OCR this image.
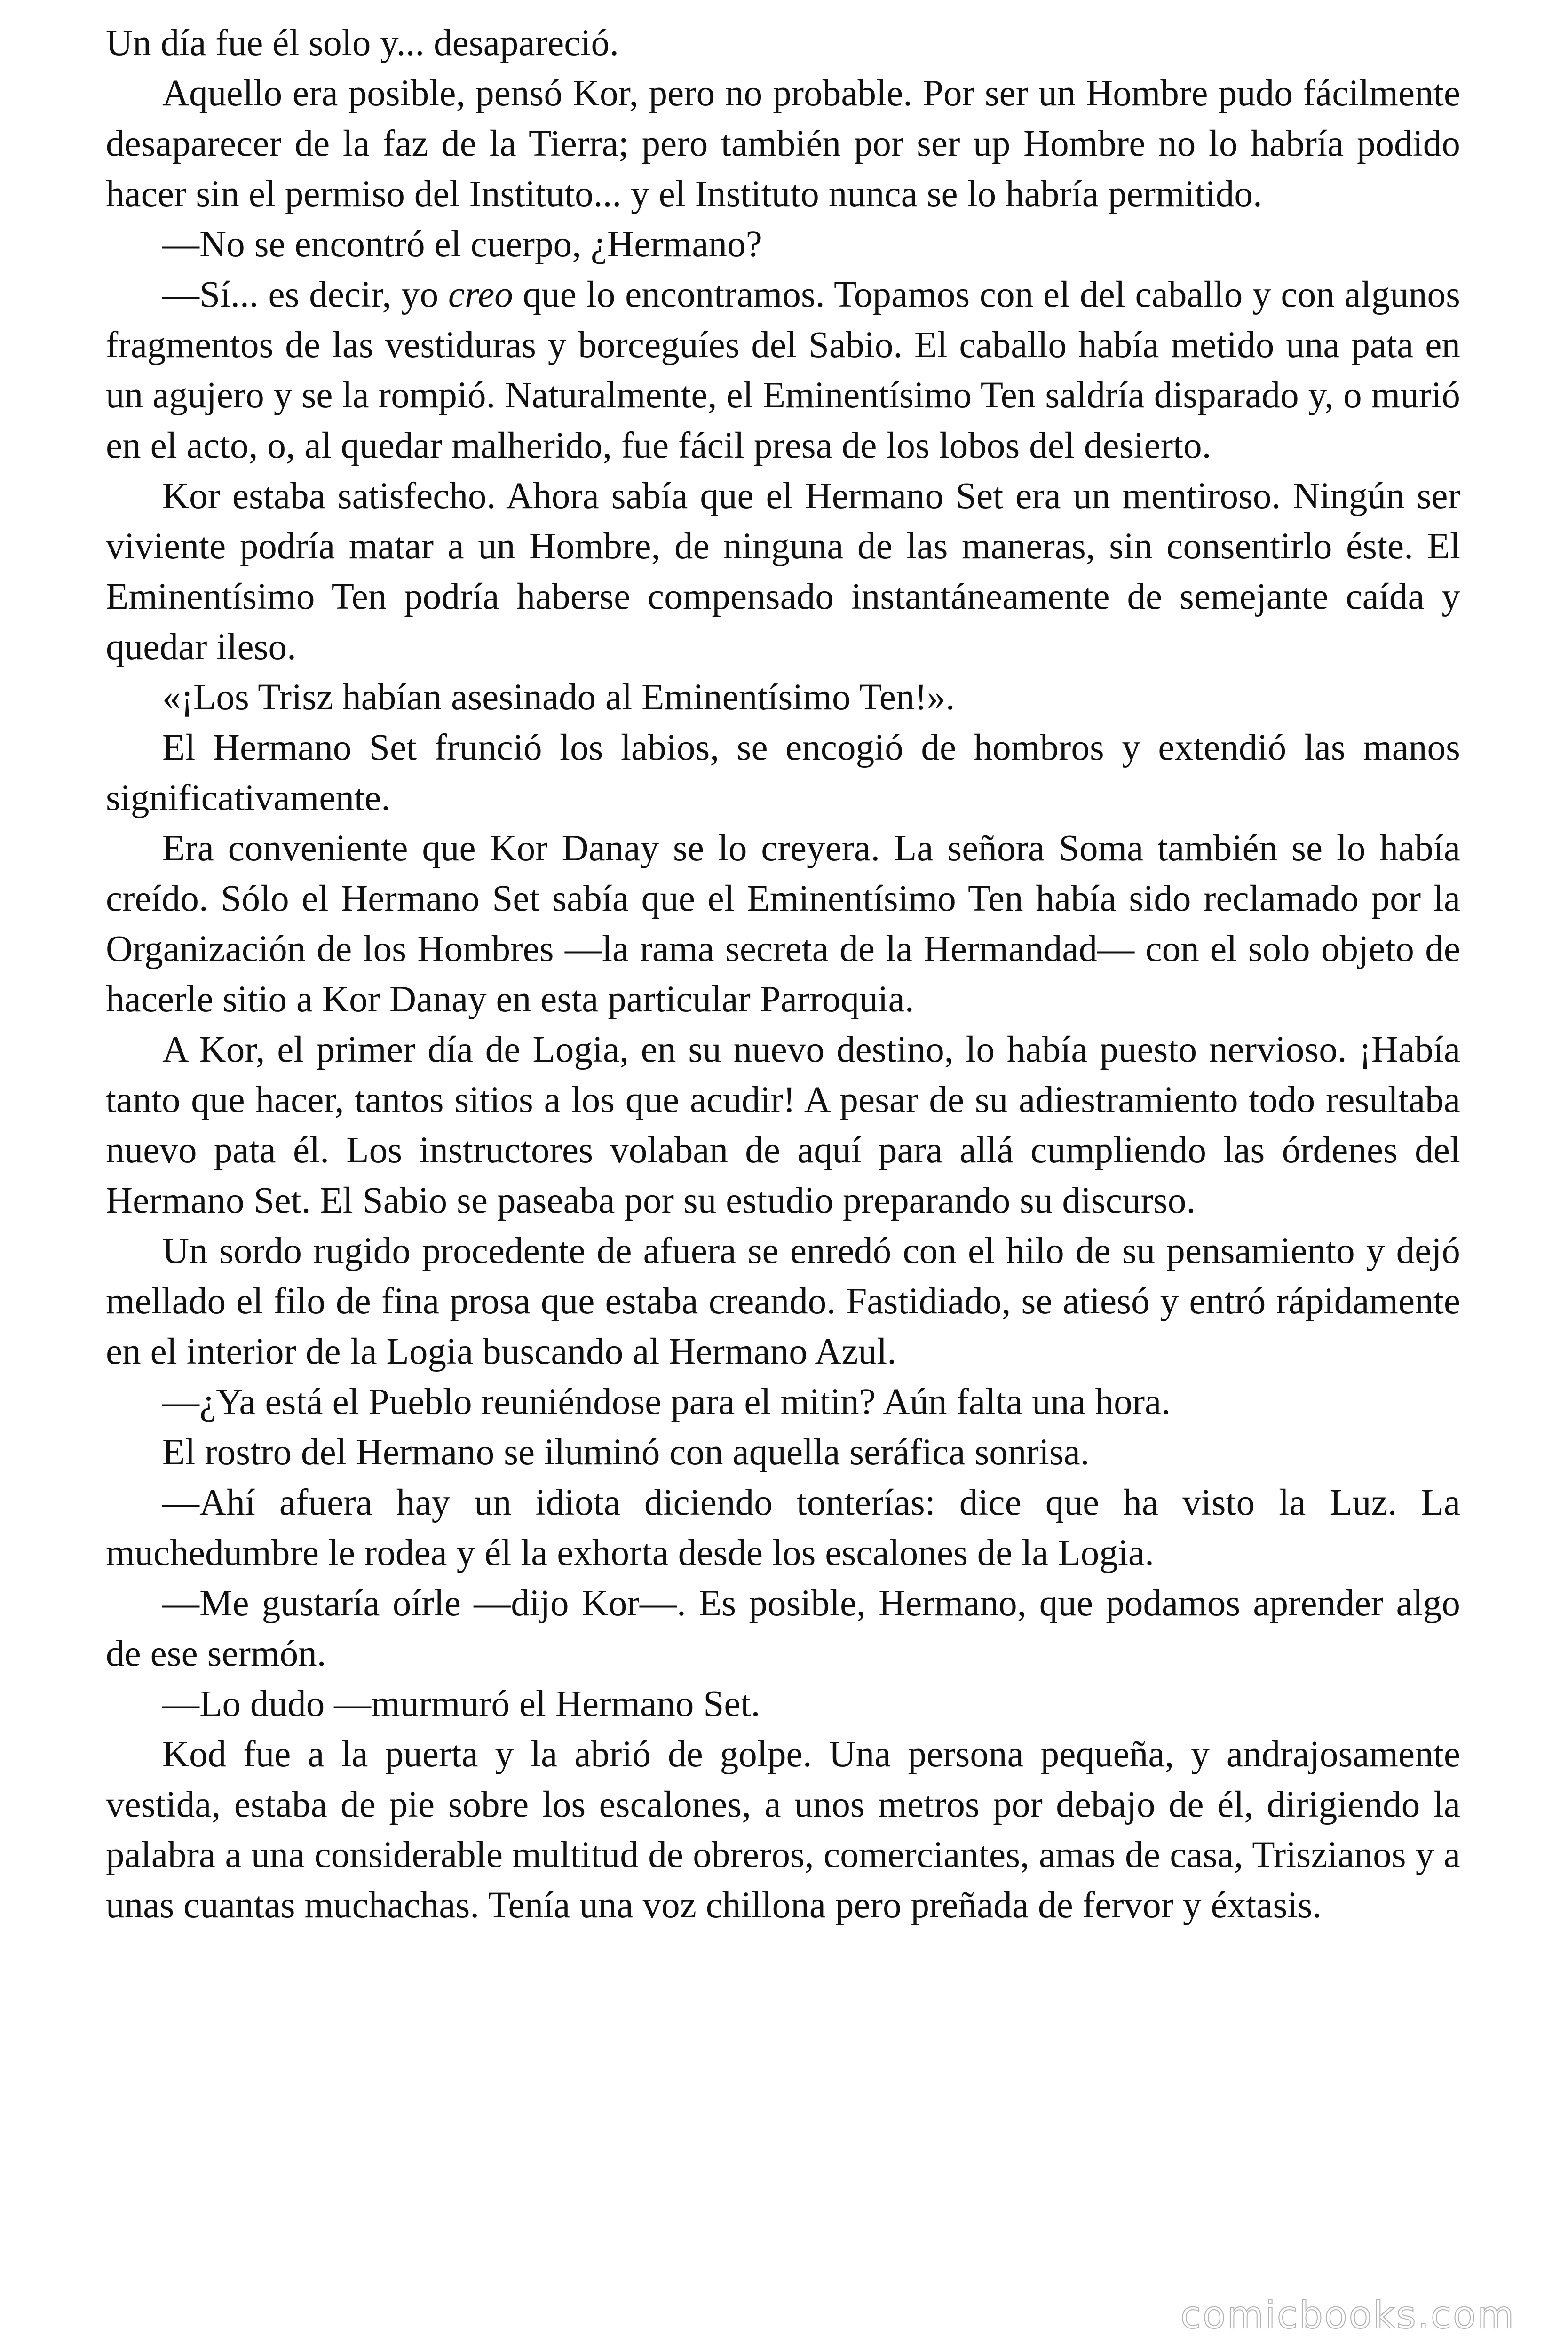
Un día fue él solo y... desapareció.

Aquello era posible, pensó Kor, pero no probable. Por ser un Hombre pudo fácilmente desaparecer de la faz de la Tierra; pero también por ser up Hombre no lo habría podido hacer sin el permiso del Instituto... y el Instituto nunca se lo habría permitido.

—No se encontró el cuerpo, ¿Hermano?

—Sí... es decir, yo creo que lo encontramos. Topamos con el del caballo y con algunos fragmentos de las vestiduras y borceguíes del Sabio. El caballo había metido una pata en un agujero y se la rompió. Naturalmente, el Eminentísimo Ten saldría disparado y, o murió en el acto, o, al quedar malherido, fue fácil presa de los lobos del desierto.

Kor estaba satisfecho. Ahora sabía que el Hermano Set era un mentiroso. Ningún ser viviente podría matar a un Hombre, de ninguna de las maneras, sin consentirlo éste. El Eminentísimo Ten podría haberse compensado instantáneamente de semejante caída y quedar ileso.

«¡Los Trisz habían asesinado al Eminentísimo Ten!».

El Hermano Set frunció los labios, se encogió de hombros y extendió las manos significativamente.

Era conveniente que Kor Danay se lo creyera. La señora Soma también se lo había creído. Sólo el Hermano Set sabía que el Eminentísimo Ten había sido reclamado por la Organización de los Hombres —la rama secreta de la Hermandad— con el solo objeto de hacerle sitio a Kor Danay en esta particular Parroquia.

A Kor, el primer día de Logia, en su nuevo destino, lo había puesto nervioso. ¡Había tanto que hacer, tantos sitios a los que acudir! A pesar de su adiestramiento todo resultaba nuevo pata él. Los instructores volaban de aquí para allá cumpliendo las órdenes del Hermano Set. El Sabio se paseaba por su estudio preparando su discurso.

Un sordo rugido procedente de afuera se enredó con el hilo de su pensamiento y dejó mellado el filo de fina prosa que estaba creando. Fastidiado, se atiesó y entró rápidamente en el interior de la Logia buscando al Hermano Azul.

—¿Ya está el Pueblo reuniéndose para el mitin? Aún falta una hora.

El rostro del Hermano se iluminó con aquella seráfica sonrisa.

—Ahí afuera hay un idiota diciendo tonterías: dice que ha visto la Luz. La muchedumbre le rodea y él la exhorta desde los escalones de la Logia.

—Me gustaría oírle —dijo Kor—. Es posible, Hermano, que podamos aprender algo de ese sermón.

—Lo dudo —murmuró el Hermano Set.

Kod fue a la puerta y la abrió de golpe. Una persona pequeña, y andrajosamente vestida, estaba de pie sobre los escalones, a unos metros por debajo de él, dirigiendo la palabra a una considerable multitud de obreros, comerciantes, amas de casa, Triszianos y a unas cuantas muchachas. Tenía una voz chillona pero preñada de fervor y éxtasis.

comicbooks.com
